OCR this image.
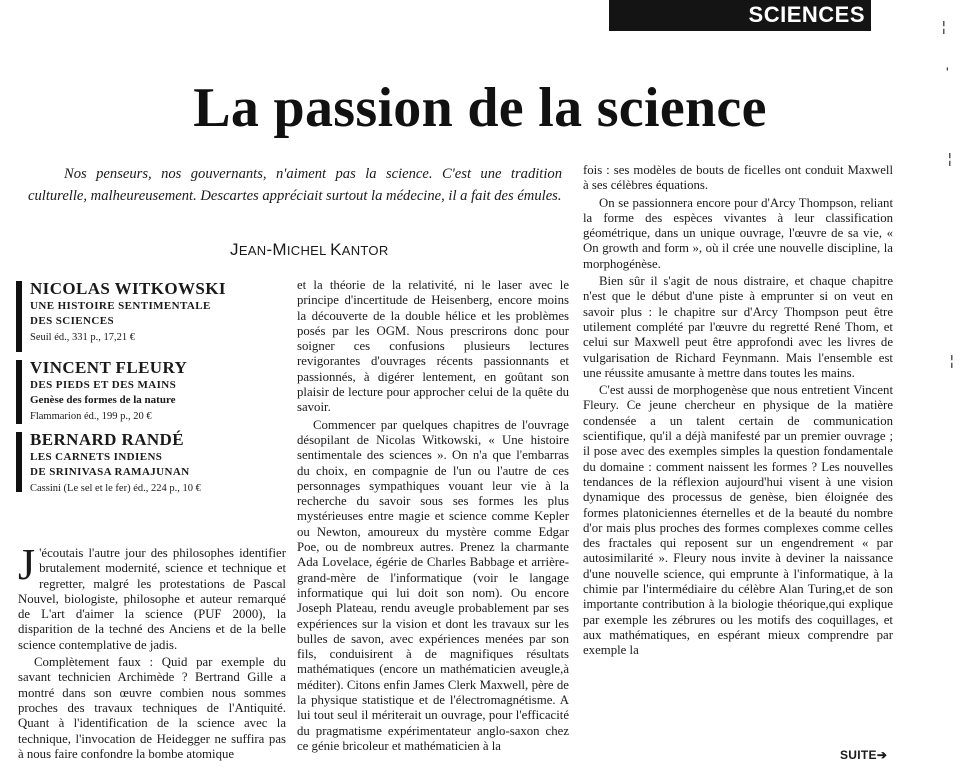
SCIENCES	¦
'
¦
¦
La passion de la science

Nos penseurs, nos gouvernants, n'aiment pas la science. C'est une tradition culturelle, malheureusement. Descartes appréciait surtout la médecine, il a fait des émules.

JEAN-MICHEL KANTOR
NICOLAS WITKOWSKI
UNE HISTOIRE SENTIMENTALE
DES SCIENCES
Seuil éd., 331 p., 17,21 €
VINCENT FLEURY
DES PIEDS ET DES MAINS
Genèse des formes de la nature
Flammarion éd., 199 p., 20 €
BERNARD RANDÉ
LES CARNETS INDIENS
DE SRINIVASA RAMAJUNAN
Cassini (Le sel et le fer) éd., 224 p., 10 €

J 'écoutais l'autre jour des philosophes identifier brutalement modernité, science et technique et regretter, malgré les protestations de Pascal Nouvel, biologiste, philosophe et auteur remarqué de L'art d'aimer la science (PUF 2000), la disparition de la techné des Anciens et de la belle science contemplative de jadis.

Complètement faux : Quid par exemple du savant technicien Archimède ? Bertrand Gille a montré dans son œuvre combien nous sommes proches des travaux techniques de l'Antiquité. Quant à l'identification de la science avec la technique, l'invocation de Heidegger ne suffira pas à nous faire confondre la bombe atomique

et la théorie de la relativité, ni le laser avec le principe d'incertitude de Heisenberg, encore moins la découverte de la double hélice et les problèmes posés par les OGM. Nous prescrirons donc pour soigner ces confusions plusieurs lectures revigorantes d'ouvrages récents passionnants et passionnés, à digérer lentement, en goûtant son plaisir de lecture pour approcher celui de la quête du savoir.

Commencer par quelques chapitres de l'ouvrage désopilant de Nicolas Witkowski, « Une histoire sentimentale des sciences ». On n'a que l'embarras du choix, en compagnie de l'un ou l'autre de ces personnages sympathiques vouant leur vie à la recherche du savoir sous ses formes les plus mystérieuses entre magie et science comme Kepler ou Newton, amoureux du mystère comme Edgar Poe, ou de nombreux autres. Prenez la charmante Ada Lovelace, égérie de Charles Babbage et arrière-grand-mère de l'informatique (voir le langage informatique qui lui doit son nom). Ou encore Joseph Plateau, rendu aveugle probablement par ses expériences sur la vision et dont les travaux sur les bulles de savon, avec expériences menées par son fils, conduisirent à de magnifiques résultats mathématiques (encore un mathématicien aveugle,à méditer). Citons enfin James Clerk Maxwell, père de la physique statistique et de l'électromagnétisme. A lui tout seul il mériterait un ouvrage, pour l'efficacité du pragmatisme expérimentateur anglo-saxon chez ce génie bricoleur et mathématicien à la

fois : ses modèles de bouts de ficelles ont conduit Maxwell à ses célèbres équations.

On se passionnera encore pour d'Arcy Thompson, reliant la forme des espèces vivantes à leur classification géométrique, dans un unique ouvrage, l'œuvre de sa vie, « On growth and form », où il crée une nouvelle discipline, la morphogénèse.

Bien sûr il s'agit de nous distraire, et chaque chapitre n'est que le début d'une piste à emprunter si on veut en savoir plus : le chapitre sur d'Arcy Thompson peut être utilement complété par l'œuvre du regretté René Thom, et celui sur Maxwell peut être approfondi avec les livres de vulgarisation de Richard Feynmann. Mais l'ensemble est une réussite amusante à mettre dans toutes les mains.

C'est aussi de morphogenèse que nous entretient Vincent Fleury. Ce jeune chercheur en physique de la matière condensée a un talent certain de communication scientifique, qu'il a déjà manifesté par un premier ouvrage ; il pose avec des exemples simples la question fondamentale du domaine : comment naissent les formes ? Les nouvelles tendances de la réflexion aujourd'hui visent à une vision dynamique des processus de genèse, bien éloignée des formes platoniciennes éternelles et de la beauté du nombre d'or mais plus proches des formes complexes comme celles des fractales qui reposent sur un engendrement « par autosimilarité ». Fleury nous invite à deviner la naissance d'une nouvelle science, qui emprunte à l'informatique, à la chimie par l'intermédiaire du célèbre Alan Turing,et de son importante contribution à la biologie théorique,qui explique par exemple les zébrures ou les motifs des coquillages, et aux mathématiques, en espérant mieux comprendre par exemple la

SUITE➔
